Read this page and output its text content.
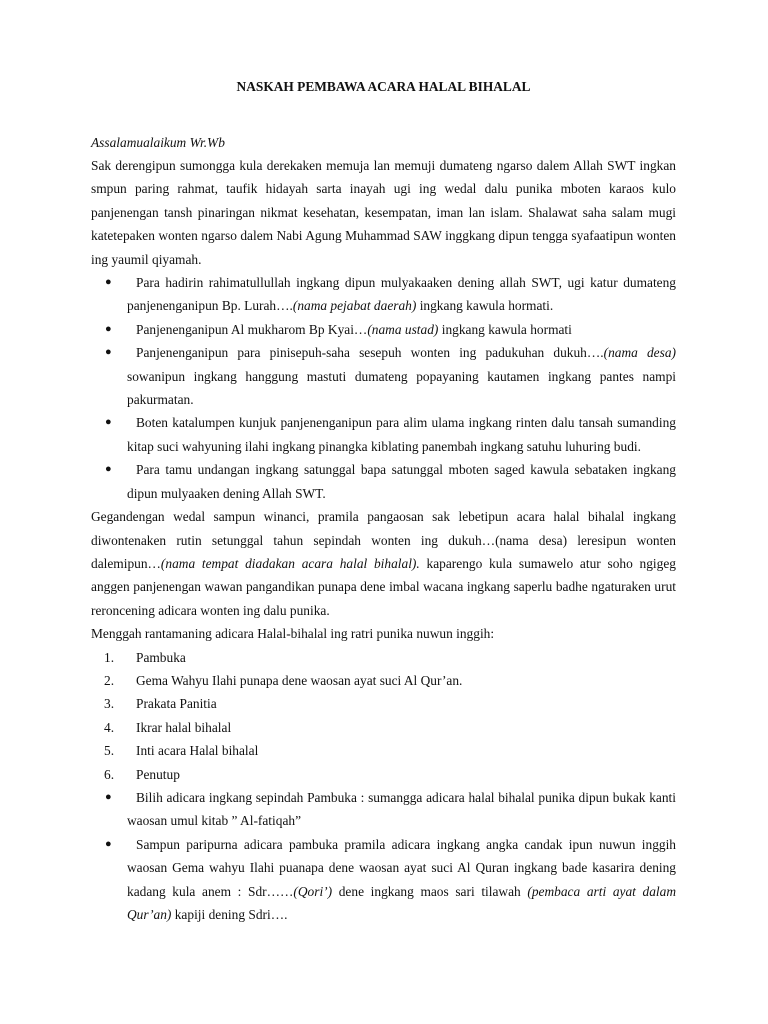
NASKAH PEMBAWA ACARA HALAL BIHALAL
Assalamualaikum Wr.Wb

Sak derengipun sumongga kula derekaken memuja lan memuji dumateng ngarso dalem Allah SWT ingkan smpun paring rahmat, taufik hidayah sarta inayah ugi ing wedal dalu punika mboten karaos kulo panjenengan tansh pinaringan nikmat kesehatan, kesempatan, iman lan islam. Shalawat saha salam mugi katetepaken wonten ngarso dalem Nabi Agung Muhammad SAW inggkang dipun tengga syafaatipun wonten ing yaumil qiyamah.

● Para hadirin rahimatullullah ingkang dipun mulyakaaken dening allah SWT, ugi katur dumateng panjenenganipun Bp. Lurah….(nama pejabat daerah) ingkang kawula hormati.
● Panjenenganipun Al mukharom Bp Kyai…(nama ustad) ingkang kawula hormati
● Panjenenganipun para pinisepuh-saha sesepuh wonten ing padukuhan dukuh….(nama desa) sowanipun ingkang hanggung mastuti dumateng popayaning kautamen ingkang pantes nampi pakurmatan.
● Boten katalumpen kunjuk panjenenganipun para alim ulama ingkang rinten dalu tansah sumanding kitap suci wahyuning ilahi ingkang pinangka kiblating panembah ingkang satuhu luhuring budi.
● Para tamu undangan ingkang satunggal bapa satunggal mboten saged kawula sebataken ingkang dipun mulyaaken dening Allah SWT.

Gegandengan wedal sampun winanci, pramila pangaosan sak lebetipun acara halal bihalal ingkang diwontenaken rutin setunggal tahun sepindah wonten ing dukuh…(nama desa) leresipun wonten dalemipun…(nama tempat diadakan acara halal bihalal). kaparengo kula sumawelo atur soho ngigeg anggen panjenengan wawan pangandikan punapa dene imbal wacana ingkang saperlu badhe ngaturaken urut reroncening adicara wonten ing dalu punika.

Menggah rantamaning adicara Halal-bihalal ing ratri punika nuwun inggih:

1. Pambuka
2. Gema Wahyu Ilahi punapa dene waosan ayat suci Al Qur’an.
3. Prakata Panitia
4. Ikrar halal bihalal
5. Inti acara Halal bihalal
6. Penutup
● Bilih adicara ingkang sepindah Pambuka : sumangga adicara halal bihalal punika dipun bukak kanti waosan umul kitab ” Al-fatiqah”
● Sampun paripurna adicara pambuka pramila adicara ingkang angka candak ipun nuwun inggih waosan Gema wahyu Ilahi puanapa dene waosan ayat suci Al Quran ingkang bade kasarira dening kadang kula anem : Sdr……(Qori’) dene ingkang maos sari tilawah (pembaca arti ayat dalam Qur’an) kapiji dening Sdri….
